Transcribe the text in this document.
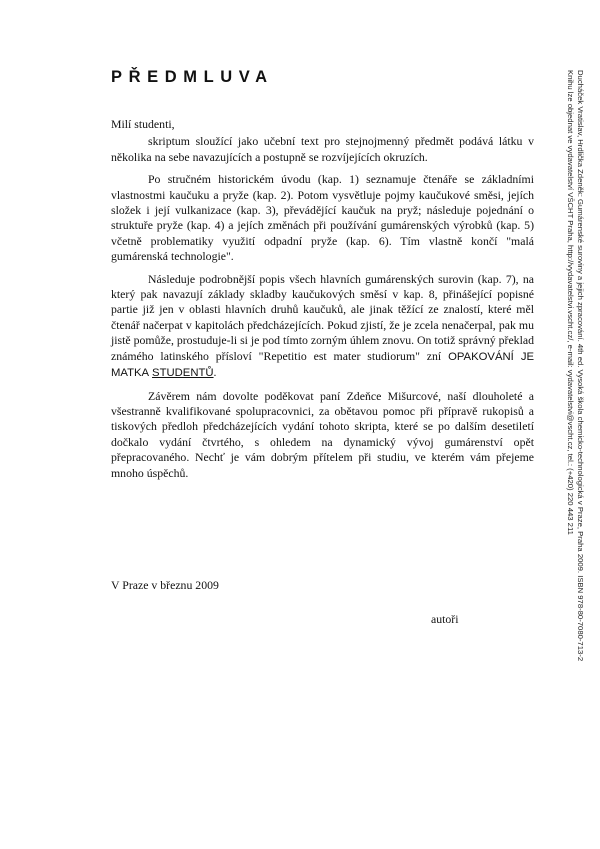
PŘEDMLUVA

Milí studenti,

skriptum sloužící jako učební text pro stejnojmenný předmět podává látku v několika na sebe navazujících a postupně se rozvíjejících okruzích.

Po stručném historickém úvodu (kap. 1) seznamuje čtenáře se základními vlastnostmi kaučuku a pryže (kap. 2). Potom vysvětluje pojmy kaučukové směsi, jejích složek i její vulkanizace (kap. 3), převádějící kaučuk na pryž; následuje pojednání o struktuře pryže (kap. 4) a jejích změnách při používání gumárenských výrobků (kap. 5) včetně problematiky využití odpadní pryže (kap. 6). Tím vlastně končí "malá gumárenská technologie".

Následuje podrobnější popis všech hlavních gumárenských surovin (kap. 7), na který pak navazují základy skladby kaučukových směsí v kap. 8, přinášející popisné partie již jen v oblasti hlavních druhů kaučuků, ale jinak těžící ze znalostí, které měl čtenář načerpat v kapitolách předcházejících. Pokud zjistí, že je zcela nenačerpal, pak mu jistě pomůže, prostuduje-li si je pod tímto zorným úhlem znovu. On totiž správný překlad známého latinského přísloví "Repetitio est mater studiorum" zní OPAKOVÁNÍ JE MATKA STUDENTŮ.

Závěrem nám dovolte poděkovat paní Zdeňce Mišurcové, naší dlouholeté a všestranně kvalifikované spolupracovnici, za obětavou pomoc při přípravě rukopisů a tiskových předloh předcházejících vydání tohoto skripta, které se po dalším desetiletí dočkalo vydání čtvrtého, s ohledem na dynamický vývoj gumárenství opět přepracovaného. Nechť je vám dobrým přítelem při studiu, ve kterém vám přejeme mnoho úspěchů.

V Praze v březnu 2009
autoři	Ducháček Vratislav, Hrdlička Zdeněk: Gumárenské suroviny a jejich zpracování. 4th ed. Vysoká škola chemicko-technologická v Praze, Praha 2009. ISBN 978-80-7080-713-2
Knihu lze objednat ve vydavatelství VŠCHT Praha, http://vydavatelstvi.vscht.cz/, e-mail: vydavatelstvi@vscht.cz, tel.: (+420) 220 443 211
